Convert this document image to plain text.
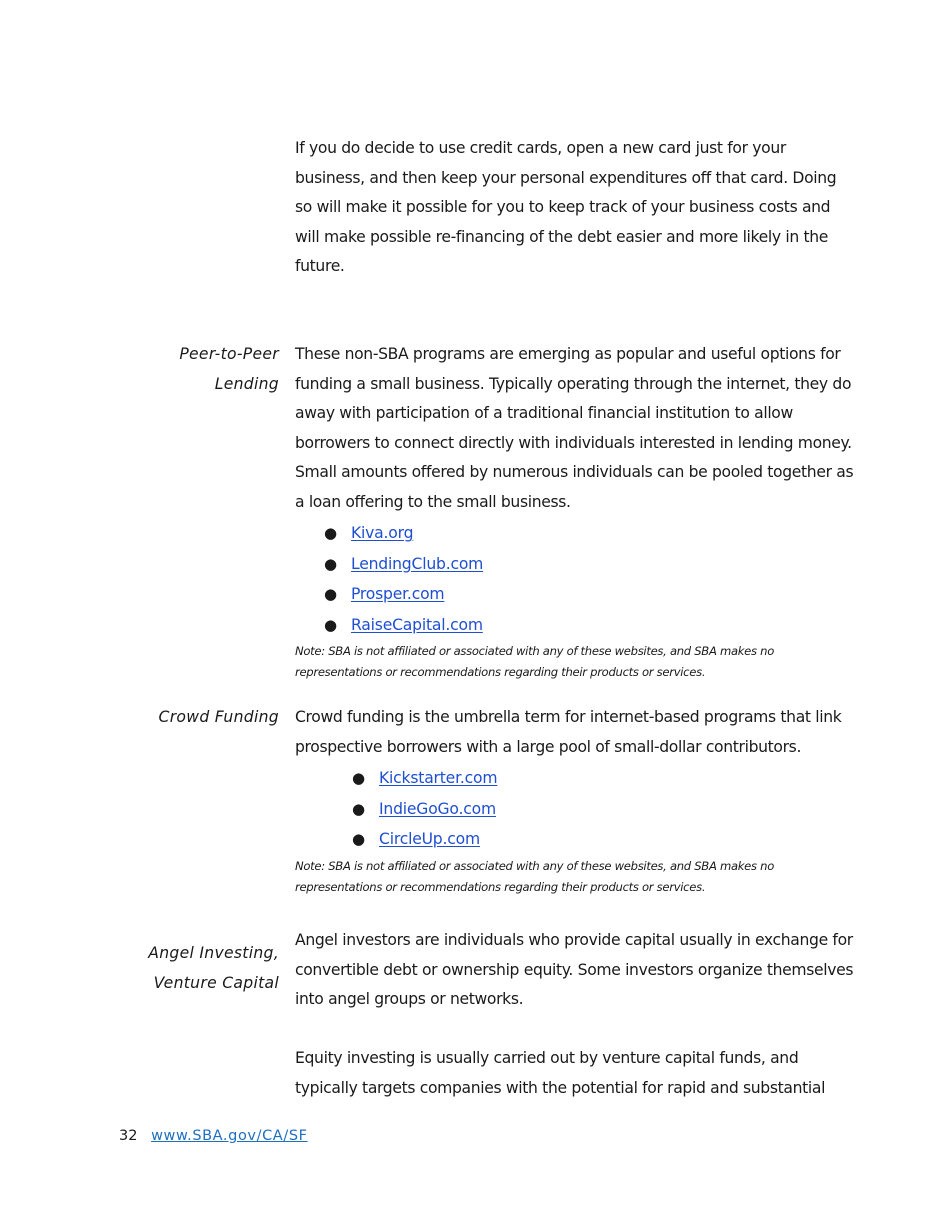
If you do decide to use credit cards, open a new card just for your business, and then keep your personal expenditures off that card. Doing so will make it possible for you to keep track of your business costs and will make possible re-financing of the debt easier and more likely in the future.

Peer-to-Peer
Lending

These non-SBA programs are emerging as popular and useful options for funding a small business. Typically operating through the internet, they do away with participation of a traditional financial institution to allow borrowers to connect directly with individuals interested in lending money. Small amounts offered by numerous individuals can be pooled together as a loan offering to the small business.

● Kiva.org
● LendingClub.com
● Prosper.com
● RaiseCapital.com
Note: SBA is not affiliated or associated with any of these websites, and SBA makes no
representations or recommendations regarding their products or services.
Crowd Funding Crowd funding is the umbrella term for internet-based programs that link prospective borrowers with a large pool of small-dollar contributors.

● Kickstarter.com
● IndieGoGo.com
● CircleUp.com
Note: SBA is not affiliated or associated with any of these websites, and SBA makes no
representations or recommendations regarding their products or services.
Angel Investing,
Venture Capital

Angel investors are individuals who provide capital usually in exchange for convertible debt or ownership equity. Some investors organize themselves into angel groups or networks.

Equity investing is usually carried out by venture capital funds, and typically targets companies with the potential for rapid and substantial

32 www.SBA.gov/CA/SF
